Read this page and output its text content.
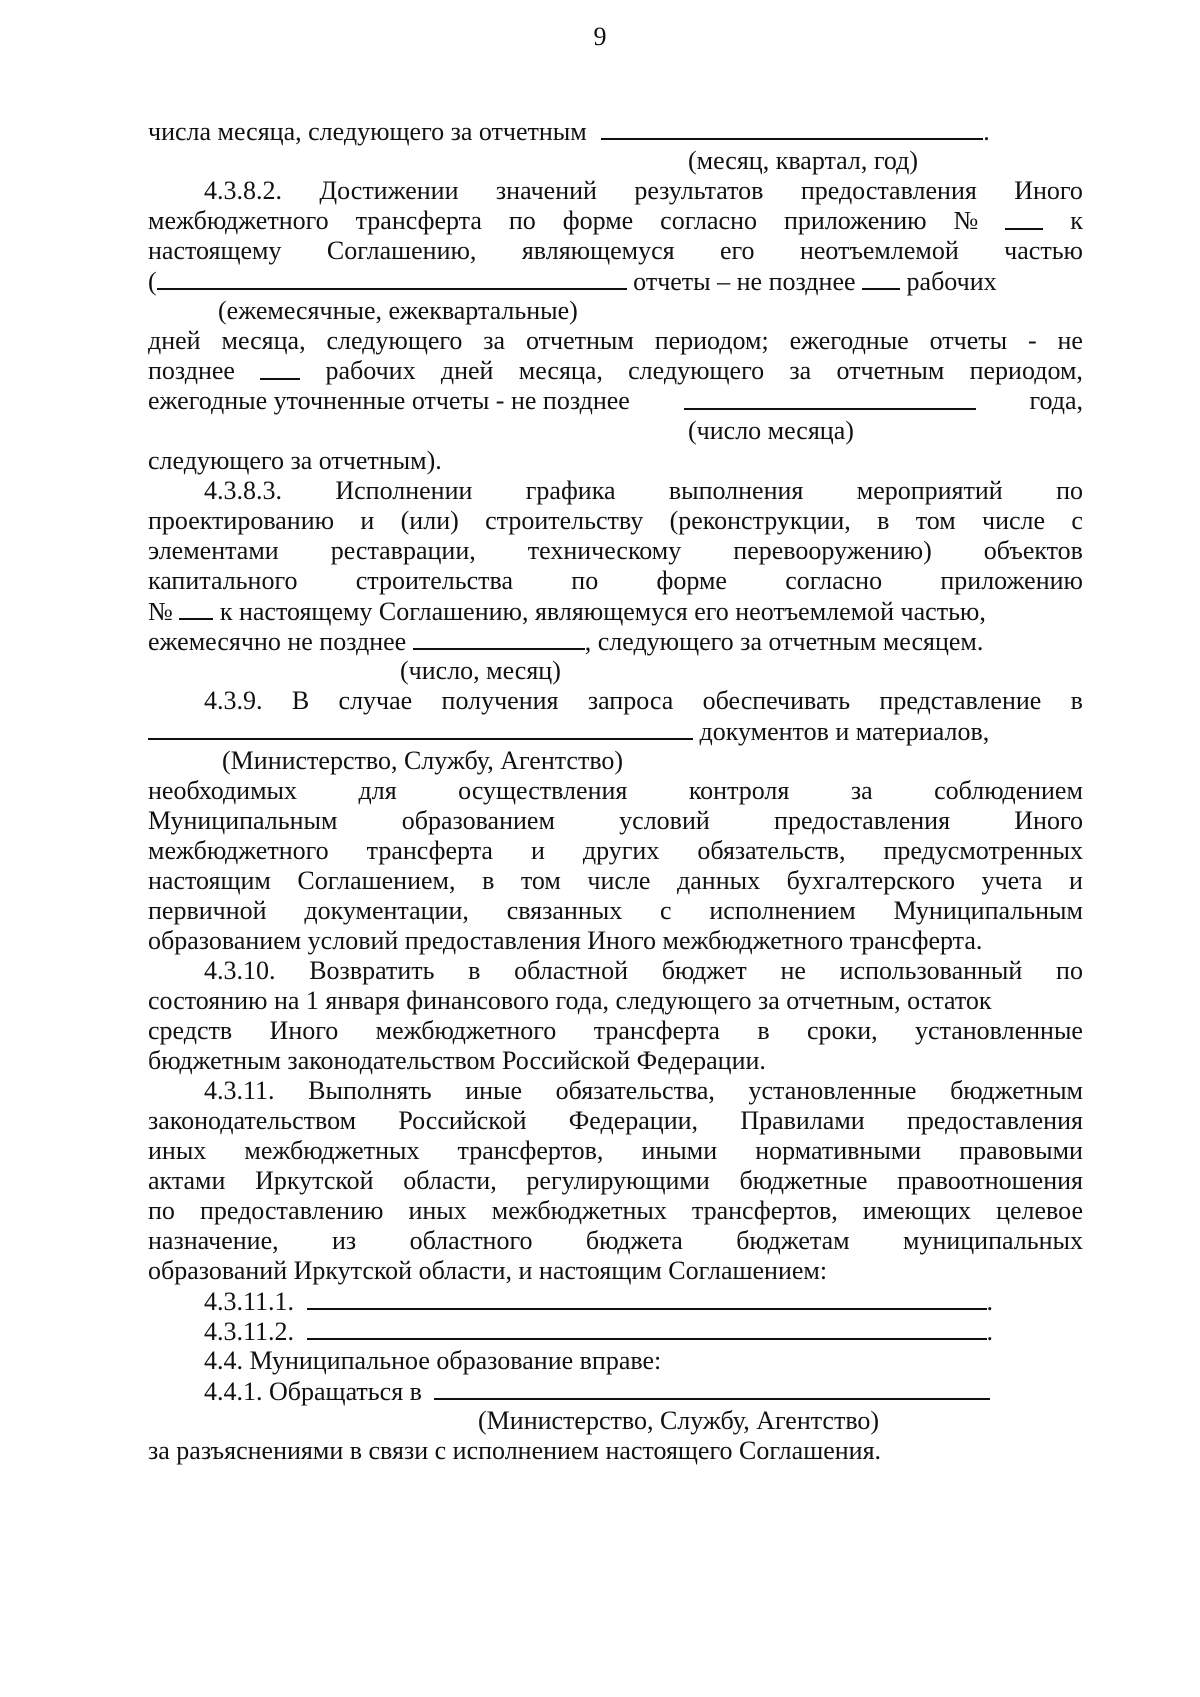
9
числа месяца, следующего за отчетным	.
(месяц, квартал, год)
4.3.8.2. Достижении значений результатов предоставления Иного
межбюджетного трансферта по форме согласно приложению №	к
настоящему Соглашению, являющемуся его неотъемлемой частью
(	отчеты – не позднее рабочих
(ежемесячные, ежеквартальные)
дней месяца, следующего за отчетным периодом; ежегодные отчеты - не
позднее	рабочих дней месяца, следующего за отчетным периодом,
ежегодные уточненные отчеты - не позднее	года,
(число месяца)
следующего за отчетным).
4.3.8.3. Исполнении графика выполнения мероприятий по
проектированию и (или) строительству (реконструкции, в том числе с
элементами реставрации, техническому перевооружению) объектов
капитального строительства по форме согласно приложению
№ к настоящему Соглашению, являющемуся его неотъемлемой частью,
ежемесячно не позднее	, следующего за отчетным месяцем.
(число, месяц)
4.3.9. В случае получения запроса обеспечивать представление в
документов и материалов,
(Министерство, Службу, Агентство)
необходимых для осуществления контроля за соблюдением
Муниципальным образованием условий предоставления Иного
межбюджетного трансферта и других обязательств, предусмотренных
настоящим Соглашением, в том числе данных бухгалтерского учета и
первичной документации, связанных с исполнением Муниципальным
образованием условий предоставления Иного межбюджетного трансферта.
4.3.10. Возвратить в областной бюджет не использованный по
состоянию на 1 января финансового года, следующего за отчетным, остаток
средств Иного межбюджетного трансферта в сроки, установленные
бюджетным законодательством Российской Федерации.
4.3.11. Выполнять иные обязательства, установленные бюджетным
законодательством Российской Федерации, Правилами предоставления
иных межбюджетных трансфертов, иными нормативными правовыми
актами Иркутской области, регулирующими бюджетные правоотношения
по предоставлению иных межбюджетных трансфертов, имеющих целевое
назначение, из областного бюджета бюджетам муниципальных
образований Иркутской области, и настоящим Соглашением:
4.3.11.1.	.
4.3.11.2.	.
4.4. Муниципальное образование вправе:
4.4.1. Обращаться в
(Министерство, Службу, Агентство)
за разъяснениями в связи с исполнением настоящего Соглашения.
